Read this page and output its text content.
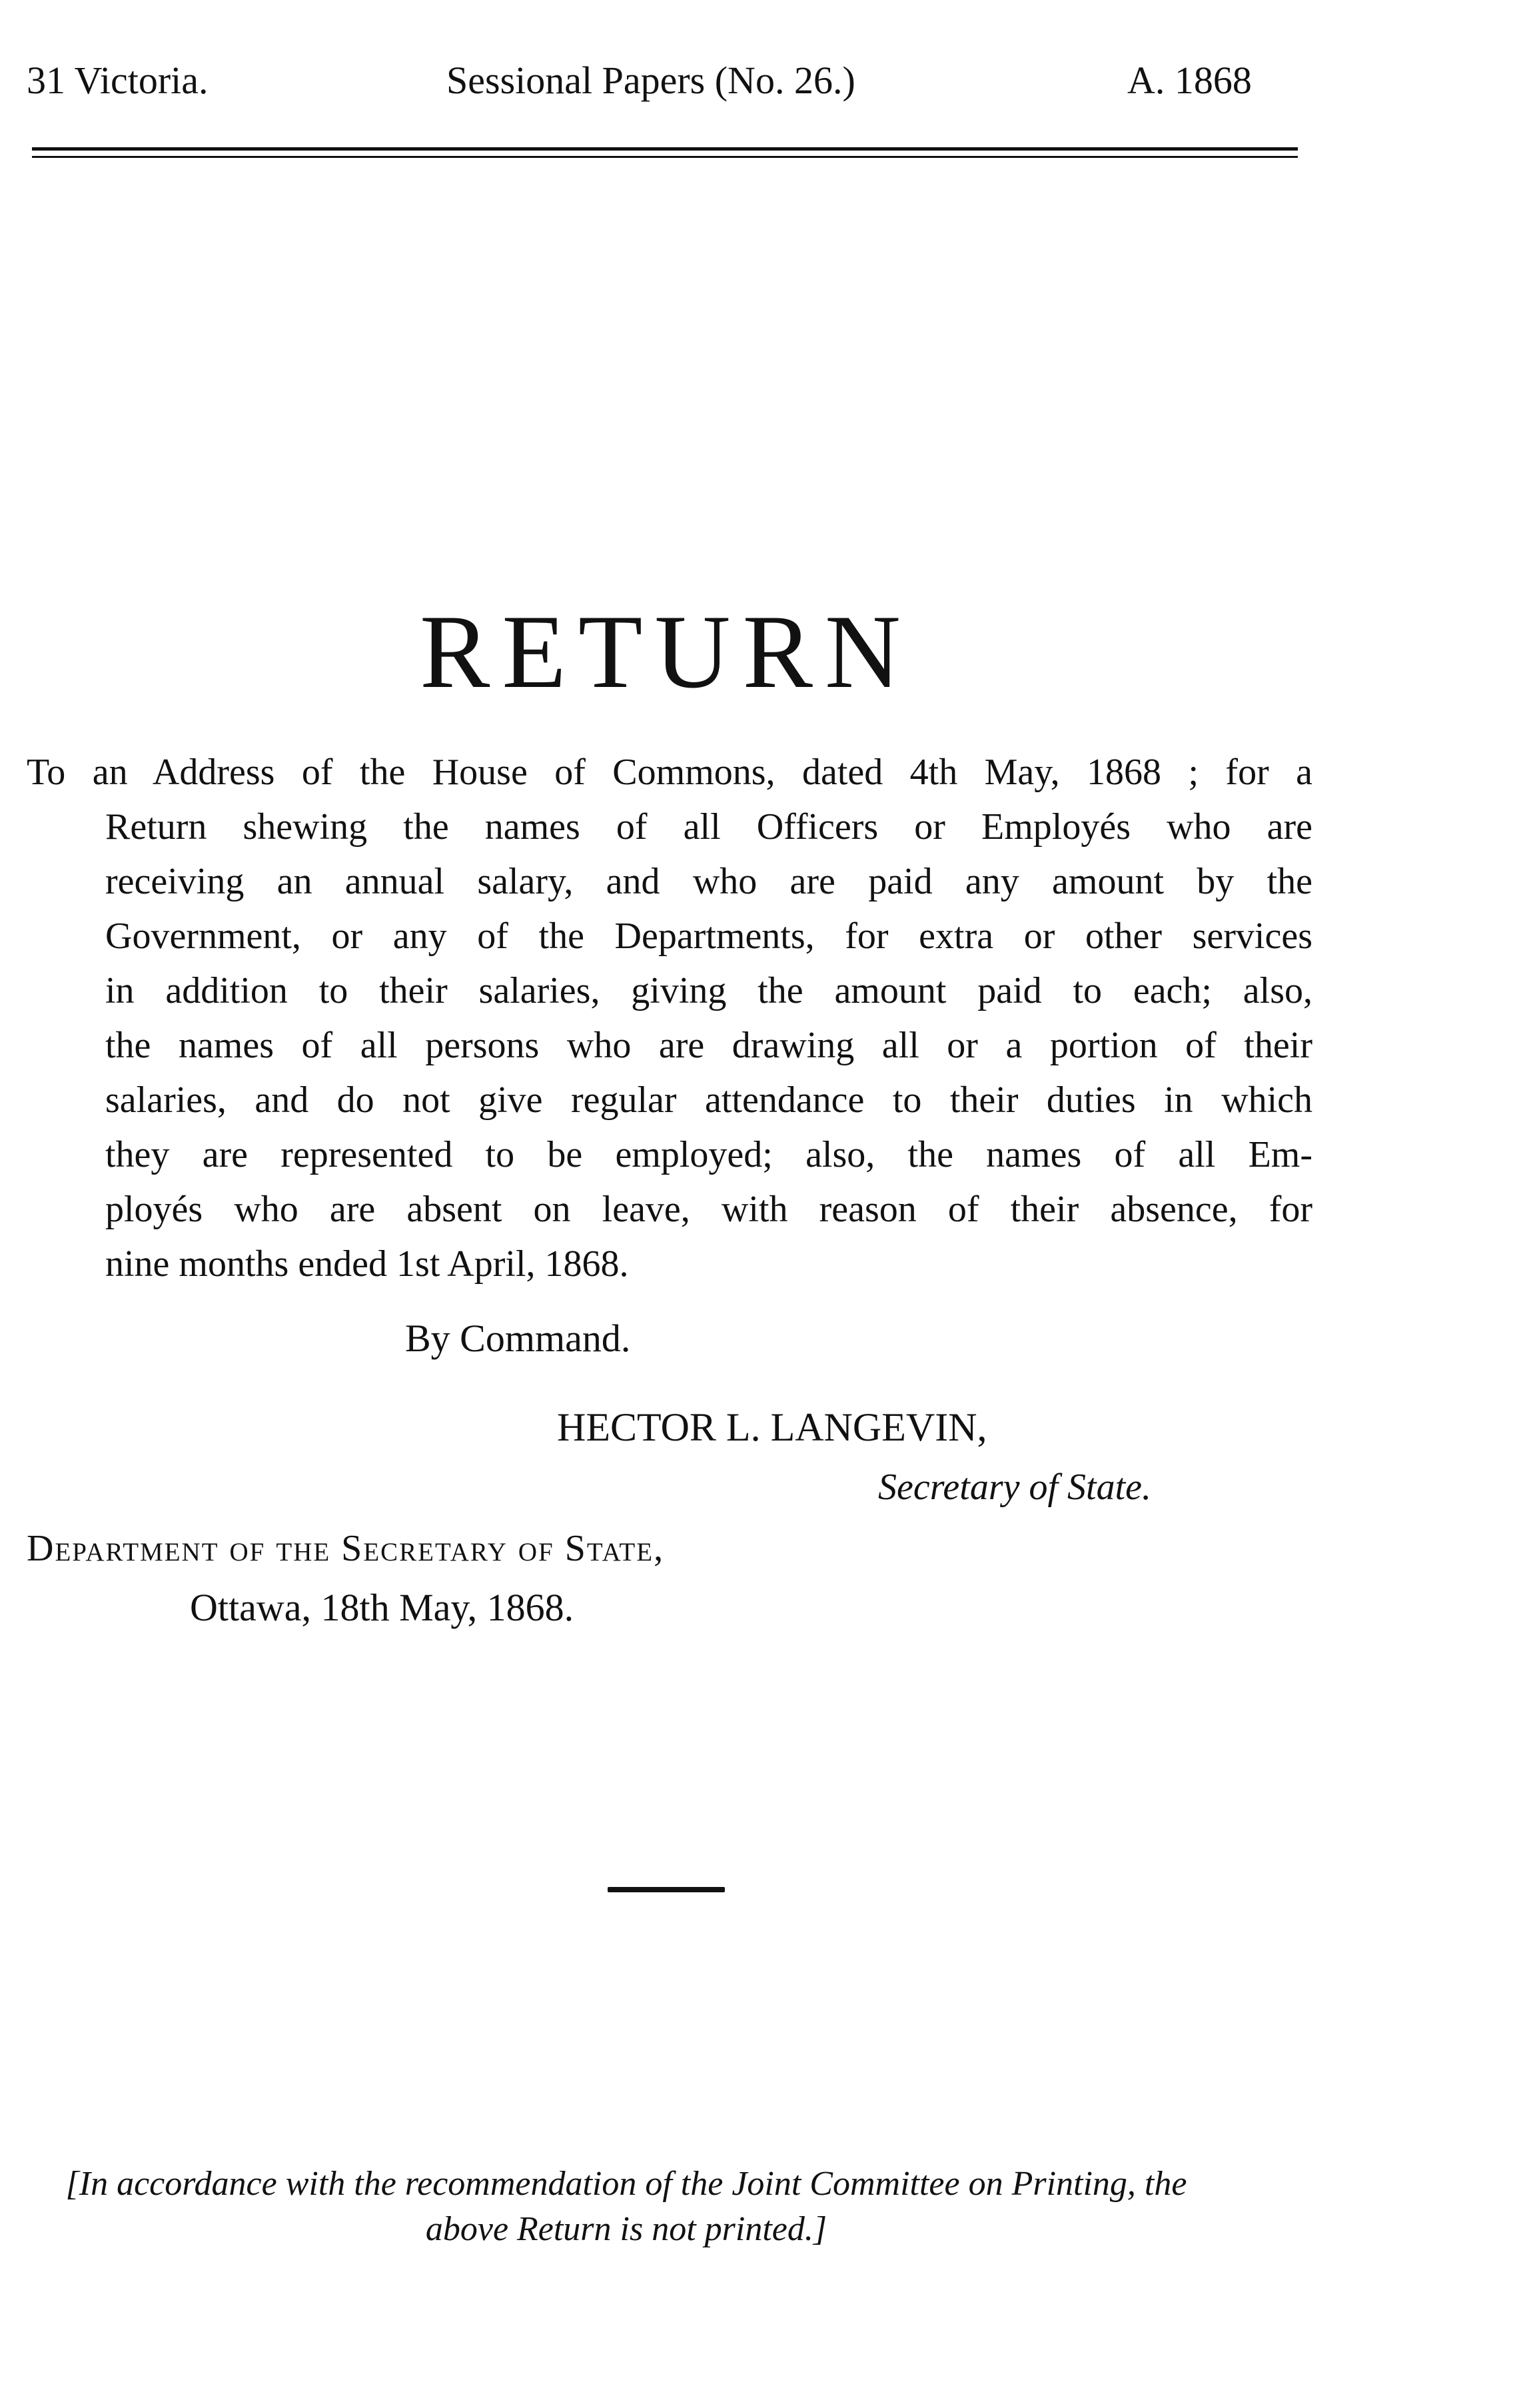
31 Victoria.	Sessional Papers (No. 26.)	A. 1868
RETURN
To an Address of the House of Commons, dated 4th May, 1868 ; for a
Return shewing the names of all Officers or Employés who are
receiving an annual salary, and who are paid any amount by the
Government, or any of the Departments, for extra or other services
in addition to their salaries, giving the amount paid to each; also,
the names of all persons who are drawing all or a portion of their
salaries, and do not give regular attendance to their duties in which
they are represented to be employed; also, the names of all Em-
ployés who are absent on leave, with reason of their absence, for
nine months ended 1st April, 1868.
By Command.
HECTOR L. LANGEVIN,
Secretary of State.
Department of the Secretary of State,
Ottawa, 18th May, 1868.
[In accordance with the recommendation of the Joint Committee on Printing, the
above Return is not printed.]
